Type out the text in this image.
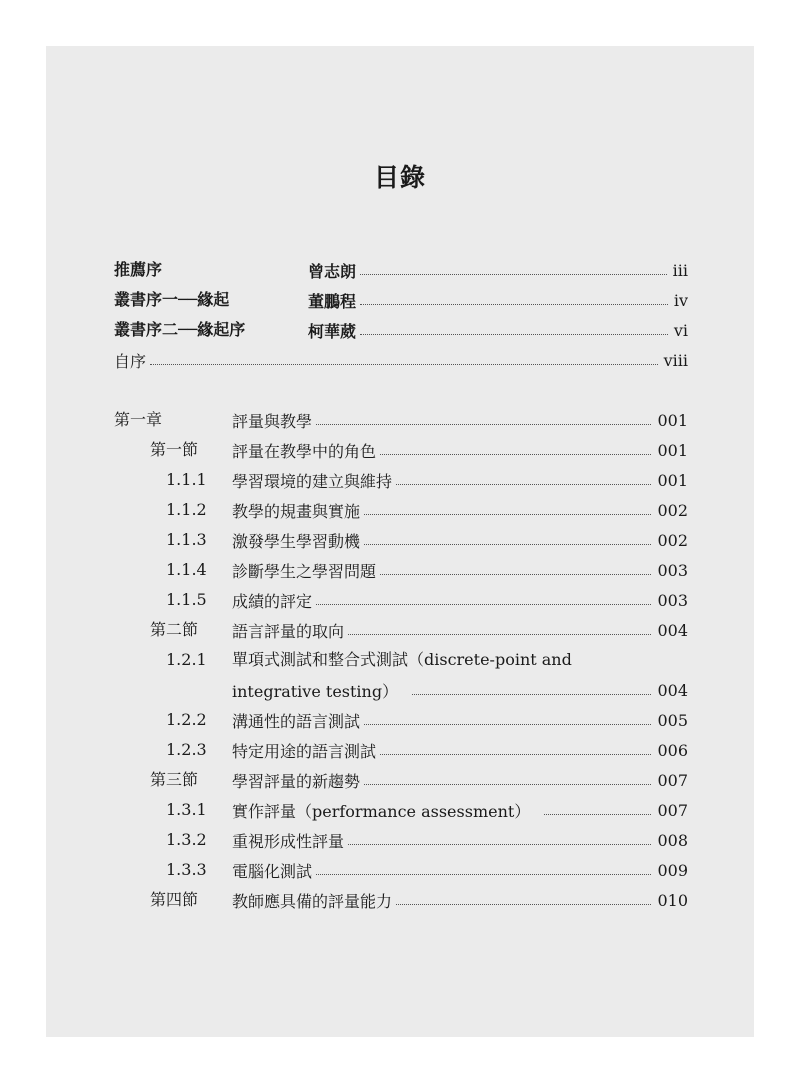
目錄
推薦序	曾志朗	iii
叢書序一──緣起	董鵬程	iv
叢書序二──緣起序	柯華葳	vi
自序	viii
第一章	評量與教學	001
第一節 評量在教學中的角色	001
1.1.1 學習環境的建立與維持	001
1.1.2 教學的規畫與實施	002
1.1.3 激發學生學習動機	002
1.1.4 診斷學生之學習問題	003
1.1.5 成績的評定	003
第二節 語言評量的取向	004
1.2.1 單項式測試和整合式測試（discrete-point and
integrative testing）	004
1.2.2 溝通性的語言測試	005
1.2.3 特定用途的語言測試	006
第三節 學習評量的新趨勢	007
1.3.1 實作評量（performance assessment）	007
1.3.2 重視形成性評量	008
1.3.3 電腦化測試	009
第四節 教師應具備的評量能力	010
